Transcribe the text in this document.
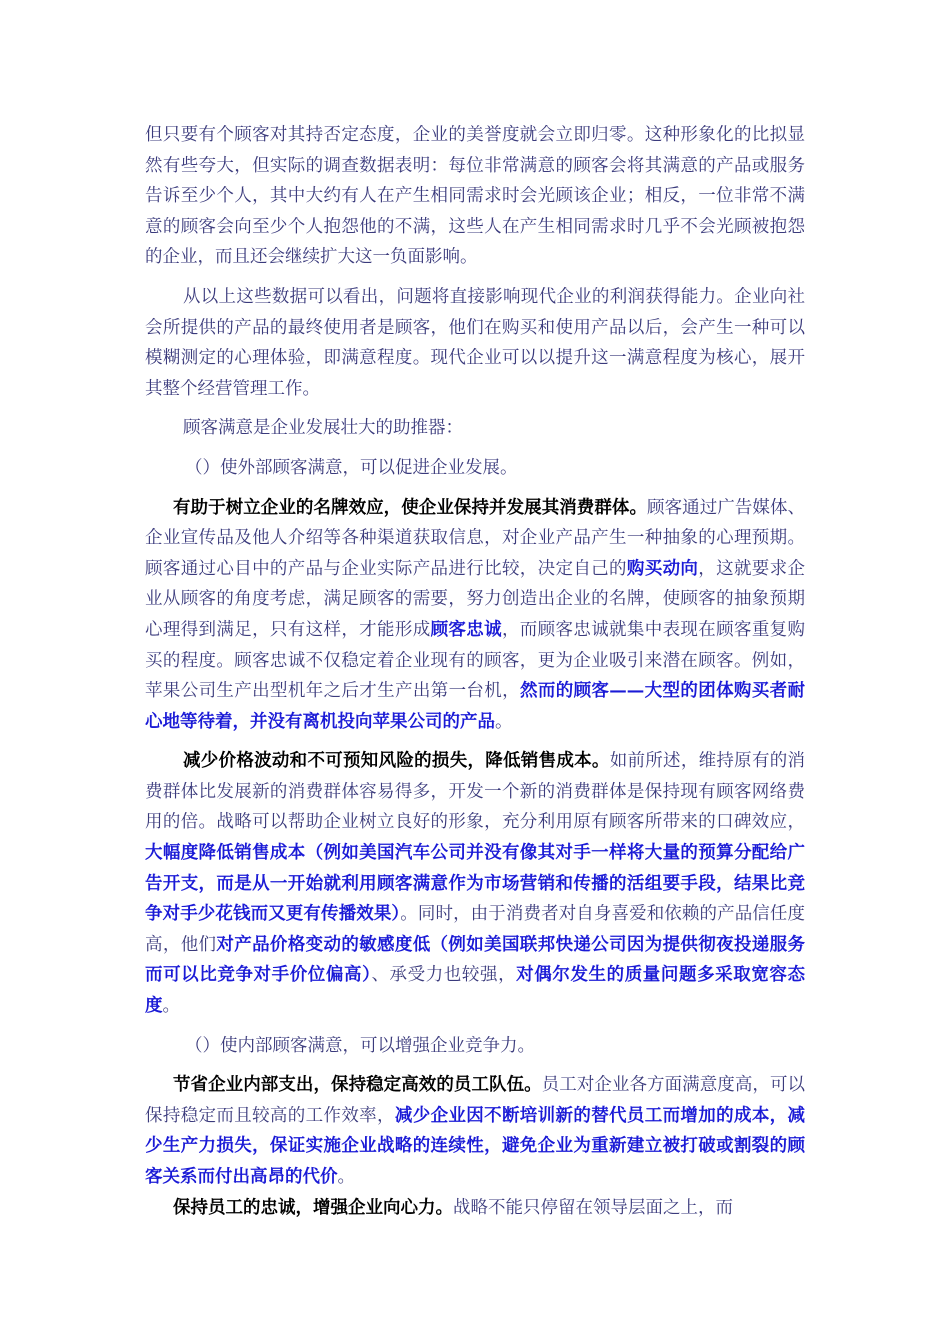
但只要有个顾客对其持否定态度，企业的美誉度就会立即归零。这种形象化的比拟显然有些夸大，但实际的调查数据表明：每位非常满意的顾客会将其满意的产品或服务告诉至少个人，其中大约有人在产生相同需求时会光顾该企业；相反，一位非常不满意的顾客会向至少个人抱怨他的不满，这些人在产生相同需求时几乎不会光顾被抱怨的企业，而且还会继续扩大这一负面影响。

从以上这些数据可以看出，问题将直接影响现代企业的利润获得能力。企业向社会所提供的产品的最终使用者是顾客，他们在购买和使用产品以后，会产生一种可以模糊测定的心理体验，即满意程度。现代企业可以以提升这一满意程度为核心，展开其整个经营管理工作。

顾客满意是企业发展壮大的助推器：

（）使外部顾客满意，可以促进企业发展。

有助于树立企业的名牌效应，使企业保持并发展其消费群体。顾客通过广告媒体、企业宣传品及他人介绍等各种渠道获取信息，对企业产品产生一种抽象的心理预期。顾客通过心目中的产品与企业实际产品进行比较，决定自己的购买动向，这就要求企业从顾客的角度考虑，满足顾客的需要，努力创造出企业的名牌，使顾客的抽象预期心理得到满足，只有这样，才能形成顾客忠诚，而顾客忠诚就集中表现在顾客重复购买的程度。顾客忠诚不仅稳定着企业现有的顾客，更为企业吸引来潜在顾客。例如，苹果公司生产出型机年之后才生产出第一台机，然而的顾客——大型的团体购买者耐心地等待着，并没有离机投向苹果公司的产品。

减少价格波动和不可预知风险的损失，降低销售成本。如前所述，维持原有的消费群体比发展新的消费群体容易得多，开发一个新的消费群体是保持现有顾客网络费用的倍。战略可以帮助企业树立良好的形象，充分利用原有顾客所带来的口碑效应，大幅度降低销售成本（例如美国汽车公司并没有像其对手一样将大量的预算分配给广告开支，而是从一开始就利用顾客满意作为市场营销和传播的活组要手段，结果比竞争对手少花钱而又更有传播效果）。同时，由于消费者对自身喜爱和依赖的产品信任度高，他们对产品价格变动的敏感度低（例如美国联邦快递公司因为提供彻夜投递服务而可以比竞争对手价位偏高）、承受力也较强，对偶尔发生的质量问题多采取宽容态度。

（）使内部顾客满意，可以增强企业竞争力。

节省企业内部支出，保持稳定高效的员工队伍。员工对企业各方面满意度高，可以保持稳定而且较高的工作效率，减少企业因不断培训新的替代员工而增加的成本，减少生产力损失，保证实施企业战略的连续性，避免企业为重新建立被打破或割裂的顾客关系而付出高昂的代价。

保持员工的忠诚，增强企业向心力。战略不能只停留在领导层面之上，而
